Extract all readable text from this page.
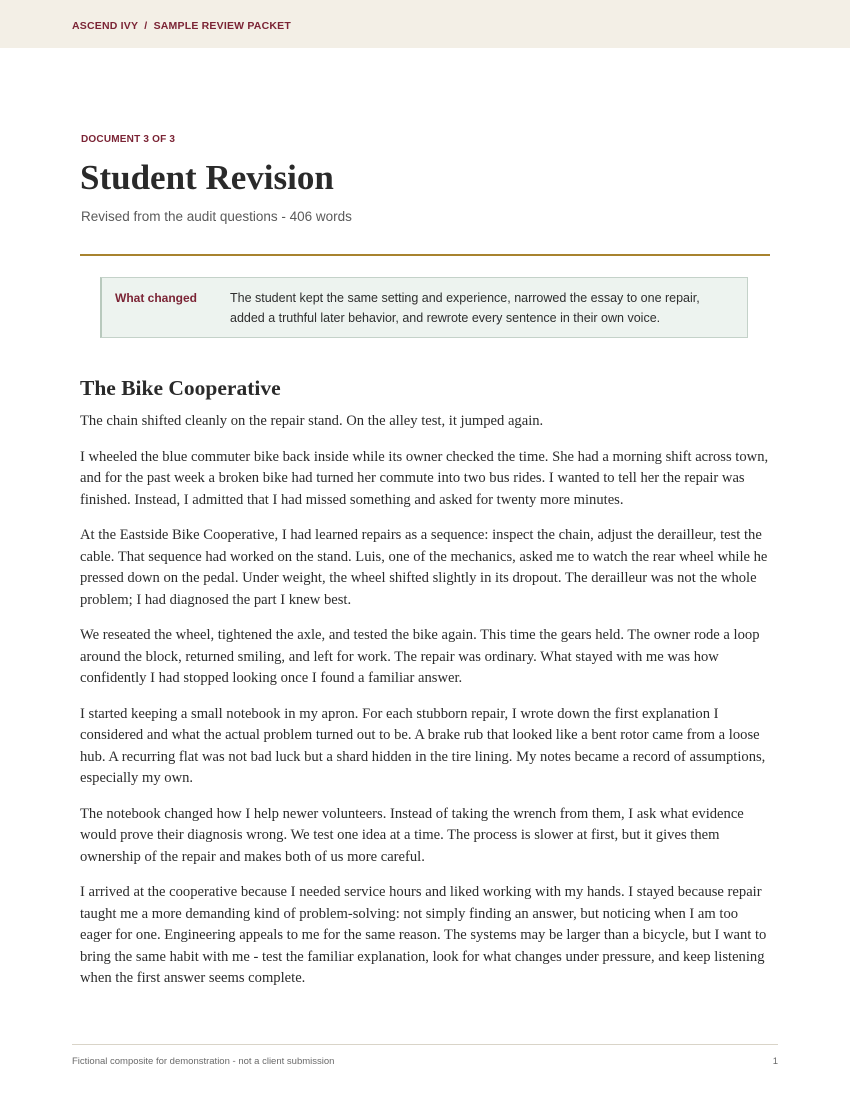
ASCEND IVY  /  SAMPLE REVIEW PACKET
DOCUMENT 3 OF 3
Student Revision
Revised from the audit questions - 406 words
What changed	The student kept the same setting and experience, narrowed the essay to one repair, added a truthful later behavior, and rewrote every sentence in their own voice.
The Bike Cooperative

The chain shifted cleanly on the repair stand. On the alley test, it jumped again.

I wheeled the blue commuter bike back inside while its owner checked the time. She had a morning shift across town, and for the past week a broken bike had turned her commute into two bus rides. I wanted to tell her the repair was finished. Instead, I admitted that I had missed something and asked for twenty more minutes.

At the Eastside Bike Cooperative, I had learned repairs as a sequence: inspect the chain, adjust the derailleur, test the cable. That sequence had worked on the stand. Luis, one of the mechanics, asked me to watch the rear wheel while he pressed down on the pedal. Under weight, the wheel shifted slightly in its dropout. The derailleur was not the whole problem; I had diagnosed the part I knew best.

We reseated the wheel, tightened the axle, and tested the bike again. This time the gears held. The owner rode a loop around the block, returned smiling, and left for work. The repair was ordinary. What stayed with me was how confidently I had stopped looking once I found a familiar answer.

I started keeping a small notebook in my apron. For each stubborn repair, I wrote down the first explanation I considered and what the actual problem turned out to be. A brake rub that looked like a bent rotor came from a loose hub. A recurring flat was not bad luck but a shard hidden in the tire lining. My notes became a record of assumptions, especially my own.

The notebook changed how I help newer volunteers. Instead of taking the wrench from them, I ask what evidence would prove their diagnosis wrong. We test one idea at a time. The process is slower at first, but it gives them ownership of the repair and makes both of us more careful.

I arrived at the cooperative because I needed service hours and liked working with my hands. I stayed because repair taught me a more demanding kind of problem-solving: not simply finding an answer, but noticing when I am too eager for one. Engineering appeals to me for the same reason. The systems may be larger than a bicycle, but I want to bring the same habit with me - test the familiar explanation, look for what changes under pressure, and keep listening when the first answer seems complete.

Fictional composite for demonstration - not a client submission	1
